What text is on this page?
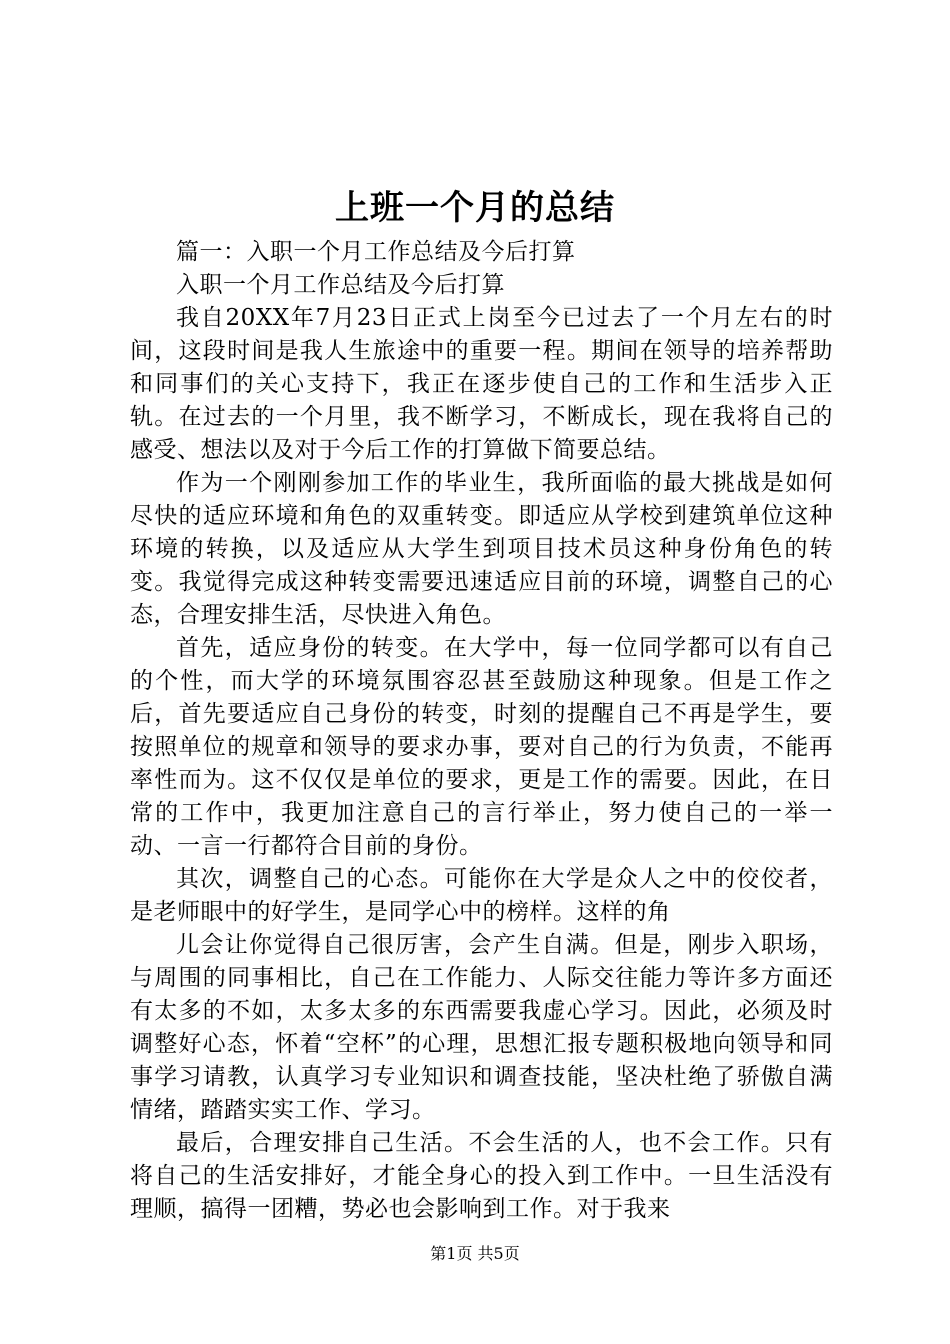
上班一个月的总结

篇一：入职一个月工作总结及今后打算

入职一个月工作总结及今后打算

我自20XX年7月23日正式上岗至今已过去了一个月左右的时间，这段时间是我人生旅途中的重要一程。期间在领导的培养帮助和同事们的关心支持下，我正在逐步使自己的工作和生活步入正轨。在过去的一个月里，我不断学习，不断成长，现在我将自己的感受、想法以及对于今后工作的打算做下简要总结。

作为一个刚刚参加工作的毕业生，我所面临的最大挑战是如何尽快的适应环境和角色的双重转变。即适应从学校到建筑单位这种环境的转换，以及适应从大学生到项目技术员这种身份角色的转变。我觉得完成这种转变需要迅速适应目前的环境，调整自己的心态，合理安排生活，尽快进入角色。

首先，适应身份的转变。在大学中，每一位同学都可以有自己的个性，而大学的环境氛围容忍甚至鼓励这种现象。但是工作之后，首先要适应自己身份的转变，时刻的提醒自己不再是学生，要按照单位的规章和领导的要求办事，要对自己的行为负责，不能再率性而为。这不仅仅是单位的要求，更是工作的需要。因此，在日常的工作中，我更加注意自己的言行举止，努力使自己的一举一动、一言一行都符合目前的身份。

其次，调整自己的心态。可能你在大学是众人之中的佼佼者，是老师眼中的好学生，是同学心中的榜样。这样的角

儿会让你觉得自己很厉害，会产生自满。但是，刚步入职场，与周围的同事相比，自己在工作能力、人际交往能力等许多方面还有太多的不如，太多太多的东西需要我虚心学习。因此，必须及时调整好心态，怀着“空杯”的心理，思想汇报专题积极地向领导和同事学习请教，认真学习专业知识和调查技能，坚决杜绝了骄傲自满情绪，踏踏实实工作、学习。

最后，合理安排自己生活。不会生活的人，也不会工作。只有将自己的生活安排好，才能全身心的投入到工作中。一旦生活没有理顺，搞得一团糟，势必也会影响到工作。对于我来

第1页 共5页
